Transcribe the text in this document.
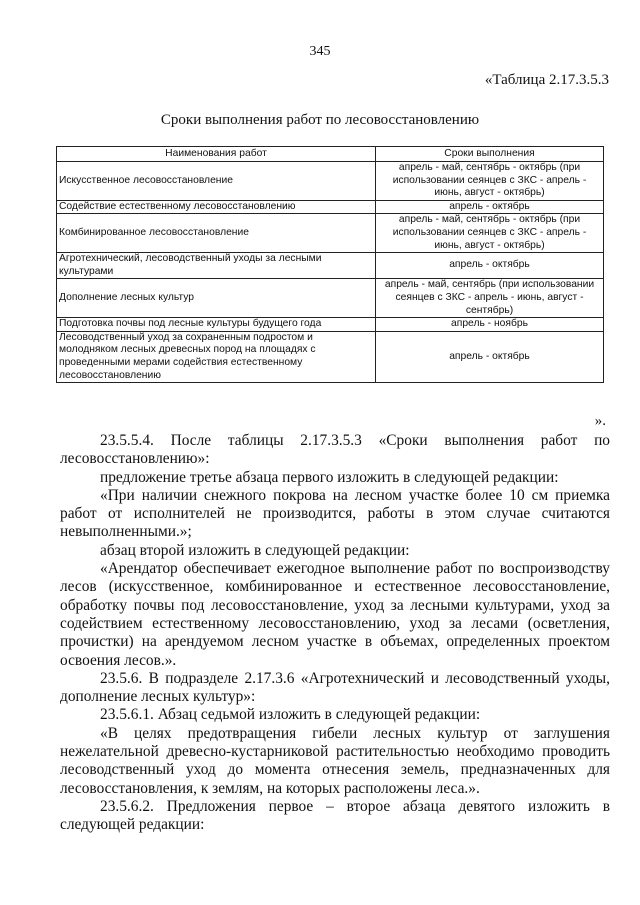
345
«Таблица 2.17.3.5.3
Сроки выполнения работ по лесовосстановлению
Наименования работ	Сроки выполнения
Искусственное лесовосстановление	апрель - май, сентябрь - октябрь (при использовании сеянцев с ЗКС - апрель - июнь, август - октябрь)
Содействие естественному лесовосстановлению	апрель - октябрь
Комбинированное лесовосстановление	апрель - май, сентябрь - октябрь (при использовании сеянцев с ЗКС - апрель - июнь, август - октябрь)
Агротехнический, лесоводственный уходы за лесными культурами	апрель - октябрь
Дополнение лесных культур	апрель - май, сентябрь (при использовании сеянцев с ЗКС - апрель - июнь, август - сентябрь)
Подготовка почвы под лесные культуры будущего года	апрель - ноябрь
Лесоводственный уход за сохраненным подростом и молодняком лесных древесных пород на площадях с проведенными мерами содействия естественному лесовосстановлению	апрель - октябрь
».

23.5.5.4. После таблицы 2.17.3.5.3 «Сроки выполнения работ по лесовосстановлению»:

предложение третье абзаца первого изложить в следующей редакции:

«При наличии снежного покрова на лесном участке более 10 см приемка работ от исполнителей не производится, работы в этом случае считаются невыполненными.»;

абзац второй изложить в следующей редакции:

«Арендатор обеспечивает ежегодное выполнение работ по воспроизводству лесов (искусственное, комбинированное и естественное лесовосстановление, обработку почвы под лесовосстановление, уход за лесными культурами, уход за содействием естественному лесовосстановлению, уход за лесами (осветления, прочистки) на арендуемом лесном участке в объемах, определенных проектом освоения лесов.».

23.5.6. В подразделе 2.17.3.6 «Агротехнический и лесоводственный уходы, дополнение лесных культур»:

23.5.6.1. Абзац седьмой изложить в следующей редакции:

«В целях предотвращения гибели лесных культур от заглушения нежелательной древесно-кустарниковой растительностью необходимо проводить лесоводственный уход до момента отнесения земель, предназначенных для лесовосстановления, к землям, на которых расположены леса.».

23.5.6.2. Предложения первое – второе абзаца девятого изложить в следующей редакции:
